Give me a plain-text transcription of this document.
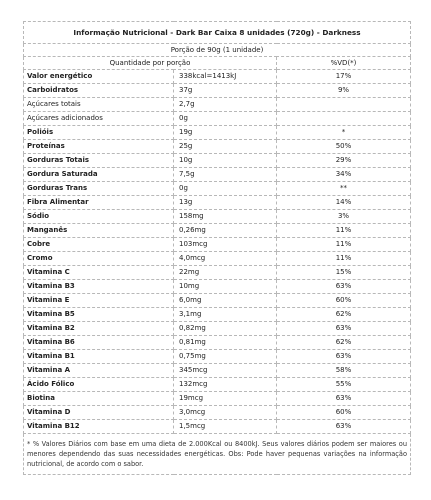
Informação Nutricional - Dark Bar Caixa 8 unidades (720g) - Darkness		
Porção de 90g (1 unidade)		
Quantidade por porção		%VD(*)
Valor energético	338kcal=1413kJ	17%
Carboidratos	37g	9%
Açúcares totais	2,7g	
Açúcares adicionados	0g	
Polióis	19g	*
Proteínas	25g	50%
Gorduras Totais	10g	29%
Gordura Saturada	7,5g	34%
Gorduras Trans	0g	**
Fibra Alimentar	13g	14%
Sódio	158mg	3%
Manganês	0,26mg	11%
Cobre	103mcg	11%
Cromo	4,0mcg	11%
Vitamina C	22mg	15%
Vitamina B3	10mg	63%
Vitamina E	6,0mg	60%
Vitamina B5	3,1mg	62%
Vitamina B2	0,82mg	63%
Vitamina B6	0,81mg	62%
Vitamina B1	0,75mg	63%
Vitamina A	345mcg	58%
Ácido Fólico	132mcg	55%
Biotina	19mcg	63%
Vitamina D	3,0mcg	60%
Vitamina B12	1,5mcg	63%
* % Valores Diários com base em uma dieta de 2.000Kcal ou 8400kJ. Seus valores diários podem ser maiores ou menores dependendo das suas necessidades energéticas. Obs: Pode haver pequenas variações na informação nutricional, de acordo com o sabor.		
